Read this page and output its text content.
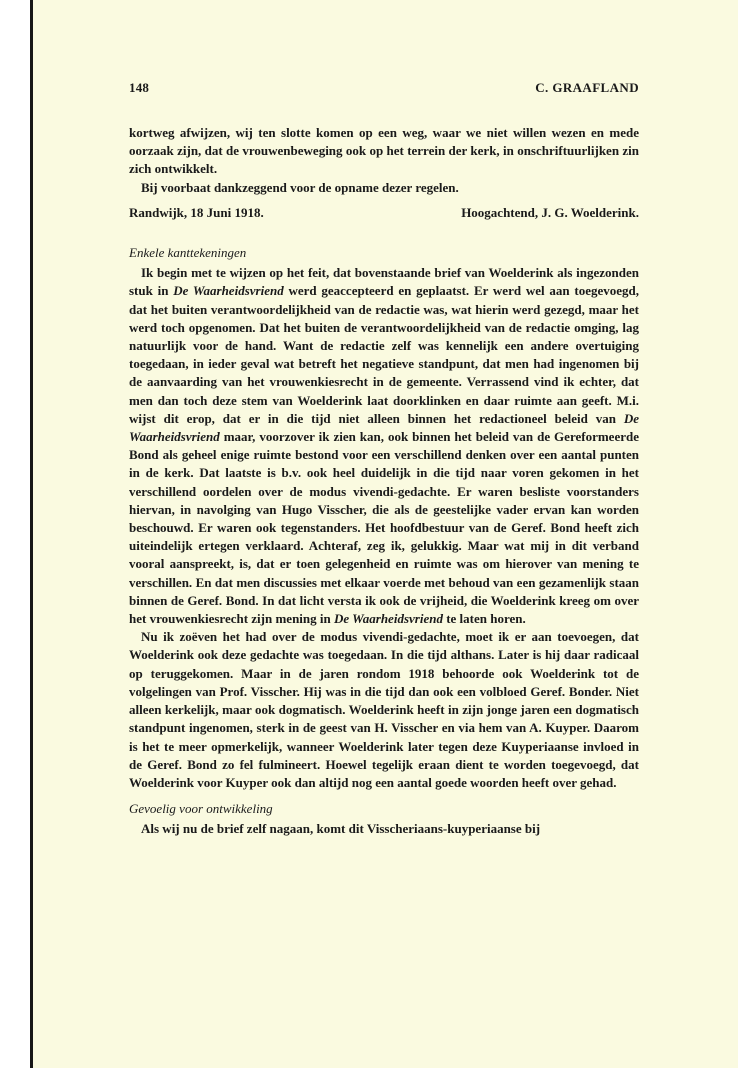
148	C. GRAAFLAND

kortweg afwijzen, wij ten slotte komen op een weg, waar we niet willen wezen en mede oorzaak zijn, dat de vrouwenbeweging ook op het terrein der kerk, in onschriftuurlijken zin zich ontwikkelt.

Bij voorbaat dankzeggend voor de opname dezer regelen.

Randwijk, 18 Juni 1918.	Hoogachtend, J. G. Woelderink.
Enkele kanttekeningen

Ik begin met te wijzen op het feit, dat bovenstaande brief van Woelderink als ingezonden stuk in De Waarheidsvriend werd geaccepteerd en geplaatst. Er werd wel aan toegevoegd, dat het buiten verantwoordelijkheid van de redactie was, wat hierin werd gezegd, maar het werd toch opgenomen. Dat het buiten de verantwoordelijkheid van de redactie omging, lag natuurlijk voor de hand. Want de redactie zelf was kennelijk een andere overtuiging toegedaan, in ieder geval wat betreft het negatieve standpunt, dat men had ingenomen bij de aanvaarding van het vrouwenkiesrecht in de gemeente. Verrassend vind ik echter, dat men dan toch deze stem van Woelderink laat doorklinken en daar ruimte aan geeft. M.i. wijst dit erop, dat er in die tijd niet alleen binnen het redactioneel beleid van De Waarheidsvriend maar, voorzover ik zien kan, ook binnen het beleid van de Gereformeerde Bond als geheel enige ruimte bestond voor een verschillend denken over een aantal punten in de kerk. Dat laatste is b.v. ook heel duidelijk in die tijd naar voren gekomen in het verschillend oordelen over de modus vivendi-gedachte. Er waren besliste voorstanders hiervan, in navolging van Hugo Visscher, die als de geestelijke vader ervan kan worden beschouwd. Er waren ook tegenstanders. Het hoofdbestuur van de Geref. Bond heeft zich uiteindelijk ertegen verklaard. Achteraf, zeg ik, gelukkig. Maar wat mij in dit verband vooral aanspreekt, is, dat er toen gelegenheid en ruimte was om hierover van mening te verschillen. En dat men discussies met elkaar voerde met behoud van een gezamenlijk staan binnen de Geref. Bond. In dat licht versta ik ook de vrijheid, die Woelderink kreeg om over het vrouwenkiesrecht zijn mening in De Waarheidsvriend te laten horen.

Nu ik zoëven het had over de modus vivendi-gedachte, moet ik er aan toevoegen, dat Woelderink ook deze gedachte was toegedaan. In die tijd althans. Later is hij daar radicaal op teruggekomen. Maar in de jaren rondom 1918 behoorde ook Woelderink tot de volgelingen van Prof. Visscher. Hij was in die tijd dan ook een volbloed Geref. Bonder. Niet alleen kerkelijk, maar ook dogmatisch. Woelderink heeft in zijn jonge jaren een dogmatisch standpunt ingenomen, sterk in de geest van H. Visscher en via hem van A. Kuyper. Daarom is het te meer opmerkelijk, wanneer Woelderink later tegen deze Kuyperiaanse invloed in de Geref. Bond zo fel fulmineert. Hoewel tegelijk eraan dient te worden toegevoegd, dat Woelderink voor Kuyper ook dan altijd nog een aantal goede woorden heeft over gehad.

Gevoelig voor ontwikkeling

Als wij nu de brief zelf nagaan, komt dit Visscheriaans-kuyperiaanse bij
